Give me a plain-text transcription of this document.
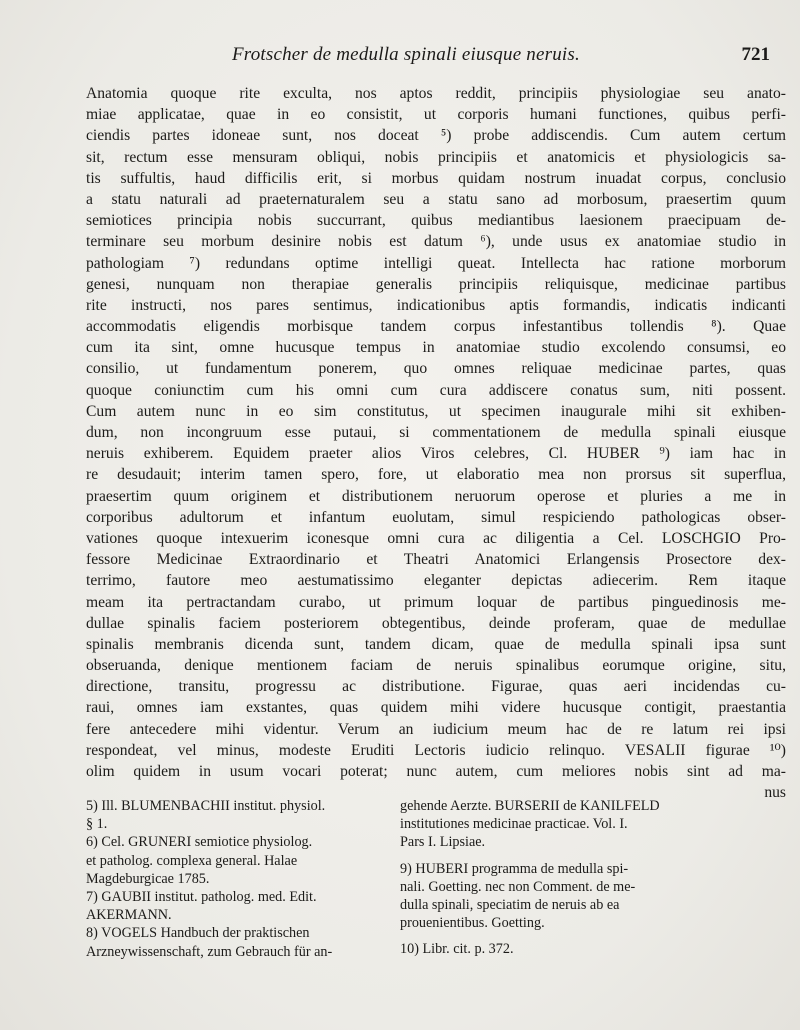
Frotscher de medulla spinali eiusque neruis.	721
Anatomia quoque rite exculta, nos aptos reddit, principiis physiologiae seu anato-
miae applicatae, quae in eo consistit, ut corporis humani functiones, quibus perfi-
ciendis partes idoneae sunt, nos doceat ⁵) probe addiscendis. Cum autem certum
sit, rectum esse mensuram obliqui, nobis principiis et anatomicis et physiologicis sa-
tis suffultis, haud difficilis erit, si morbus quidam nostrum inuadat corpus, conclusio
a statu naturali ad praeternaturalem seu a statu sano ad morbosum, praesertim quum
semiotices principia nobis succurrant, quibus mediantibus laesionem praecipuam de-
terminare seu morbum desinire nobis est datum ⁶), unde usus ex anatomiae studio in
pathologiam ⁷) redundans optime intelligi queat. Intellecta hac ratione morborum
genesi, nunquam non therapiae generalis principiis reliquisque, medicinae partibus
rite instructi, nos pares sentimus, indicationibus aptis formandis, indicatis indicanti
accommodatis eligendis morbisque tandem corpus infestantibus tollendis ⁸). Quae
cum ita sint, omne hucusque tempus in anatomiae studio excolendo consumsi, eo
consilio, ut fundamentum ponerem, quo omnes reliquae medicinae partes, quas
quoque coniunctim cum his omni cum cura addiscere conatus sum, niti possent.
Cum autem nunc in eo sim constitutus, ut specimen inaugurale mihi sit exhiben-
dum, non incongruum esse putaui, si commentationem de medulla spinali eiusque
neruis exhiberem. Equidem praeter alios Viros celebres, Cl. HUBER ⁹) iam hac in
re desudauit; interim tamen spero, fore, ut elaboratio mea non prorsus sit superflua,
praesertim quum originem et distributionem neruorum operose et pluries a me in
corporibus adultorum et infantum euolutam, simul respiciendo pathologicas obser-
vationes quoque intexuerim iconesque omni cura ac diligentia a Cel. LOSCHGIO Pro-
fessore Medicinae Extraordinario et Theatri Anatomici Erlangensis Prosectore dex-
terrimo, fautore meo aestumatissimo eleganter depictas adiecerim. Rem itaque
meam ita pertractandam curabo, ut primum loquar de partibus pinguedinosis me-
dullae spinalis faciem posteriorem obtegentibus, deinde proferam, quae de medullae
spinalis membranis dicenda sunt, tandem dicam, quae de medulla spinali ipsa sunt
obseruanda, denique mentionem faciam de neruis spinalibus eorumque origine, situ,
directione, transitu, progressu ac distributione. Figurae, quas aeri incidendas cu-
raui, omnes iam exstantes, quas quidem mihi videre hucusque contigit, praestantia
fere antecedere mihi videntur. Verum an iudicium meum hac de re latum rei ipsi
respondeat, vel minus, modeste Eruditi Lectoris iudicio relinquo. VESALII figurae ¹⁰)
olim quidem in usum vocari poterat; nunc autem, cum meliores nobis sint ad ma-
nus
5) Ill. BLUMENBACHII institut. physiol.
§ 1.
6) Cel. GRUNERI semiotice physiolog.
et patholog. complexa general. Halae
Magdeburgicae 1785.
7) GAUBII institut. patholog. med. Edit.
AKERMANN.
8) VOGELS Handbuch der praktischen
Arzneywissenschaft, zum Gebrauch für an-
gehende Aerzte. BURSERII de KANILFELD
institutiones medicinae practicae. Vol. I.
Pars I. Lipsiae.
9) HUBERI programma de medulla spi-
nali. Goetting. nec non Comment. de me-
dulla spinali, speciatim de neruis ab ea
prouenientibus. Goetting.
10) Libr. cit. p. 372.
